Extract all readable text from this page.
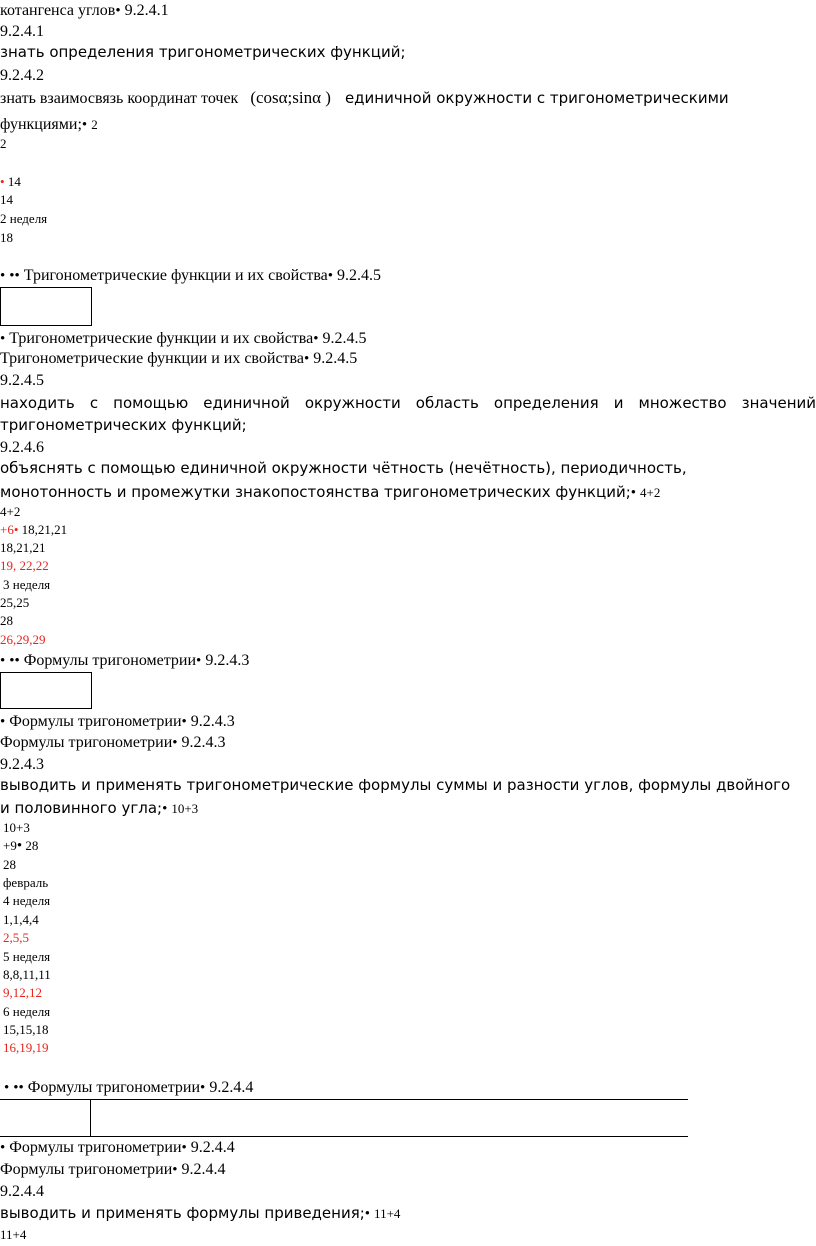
котангенса углов• 9.2.4.1
9.2.4.1
знать определения тригонометрических функций;
9.2.4.2
знать взаимосвязь координат точек (cosα;sinα ) единичной окружности с тригонометрическими
функциями;• 2
2
• 14
14
2 неделя
18
• •• Тригонометрические функции и их свойства• 9.2.4.5
• Тригонометрические функции и их свойства• 9.2.4.5
Тригонометрические функции и их свойства• 9.2.4.5
9.2.4.5
находить с помощью единичной окружности область определения и множество значений
тригонометрических функций;
9.2.4.6
объяснять с помощью единичной окружности чётность (нечётность), периодичность,
монотонность и промежутки знакопостоянства тригонометрических функций;• 4+2
4+2
+6• 18,21,21
18,21,21
19, 22,22
3 неделя
25,25
28
26,29,29
• •• Формулы тригонометрии• 9.2.4.3
• Формулы тригонометрии• 9.2.4.3
Формулы тригонометрии• 9.2.4.3
9.2.4.3
выводить и применять тригонометрические формулы суммы и разности углов, формулы двойного
и половинного угла;• 10+3
10+3
+9• 28
28
февраль
4 неделя
1,1,4,4
2,5,5
5 неделя
8,8,11,11
9,12,12
6 неделя
15,15,18
16,19,19
• •• Формулы тригонометрии• 9.2.4.4
• Формулы тригонометрии• 9.2.4.4
Формулы тригонометрии• 9.2.4.4
9.2.4.4
выводить и применять формулы приведения;• 11+4
11+4
